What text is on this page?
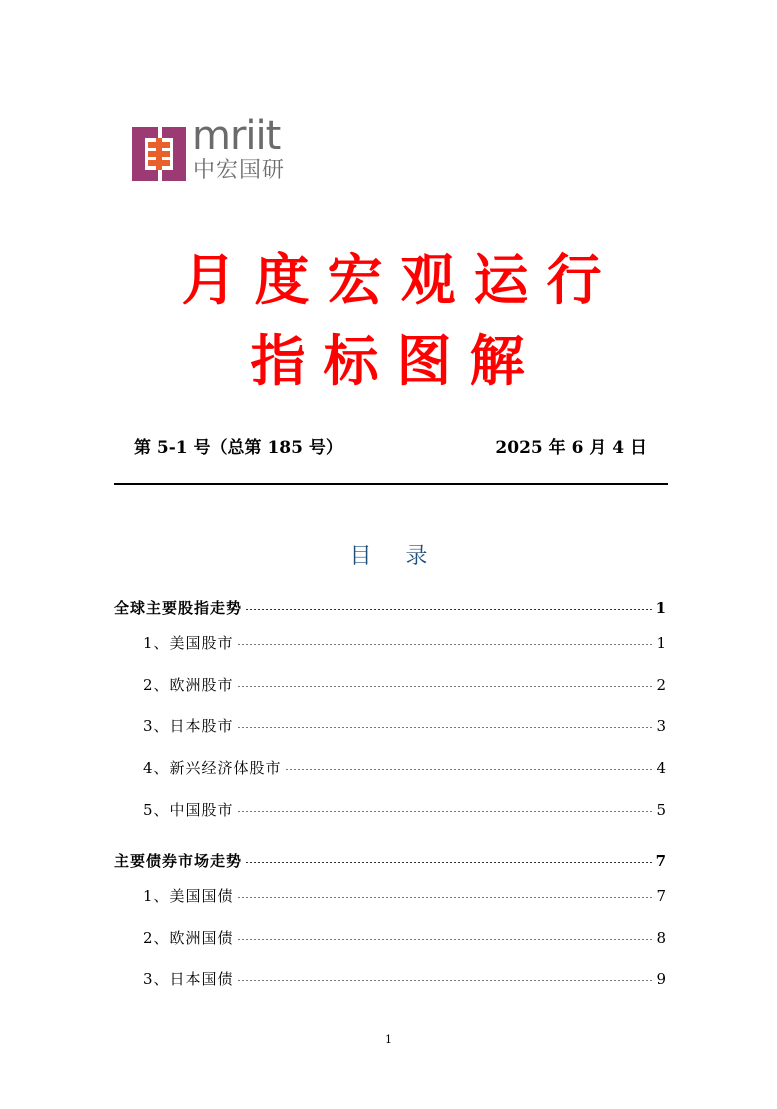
mriit
中宏国研
月度宏观运行
指标图解
第 5-1 号（总第 185 号）	2025 年 6 月 4 日
目录
全球主要股指走势	1
1、美国股市	1
2、欧洲股市	2
3、日本股市	3
4、新兴经济体股市	4
5、中国股市	5
主要债券市场走势	7
1、美国国债	7
2、欧洲国债	8
3、日本国债	9
1
